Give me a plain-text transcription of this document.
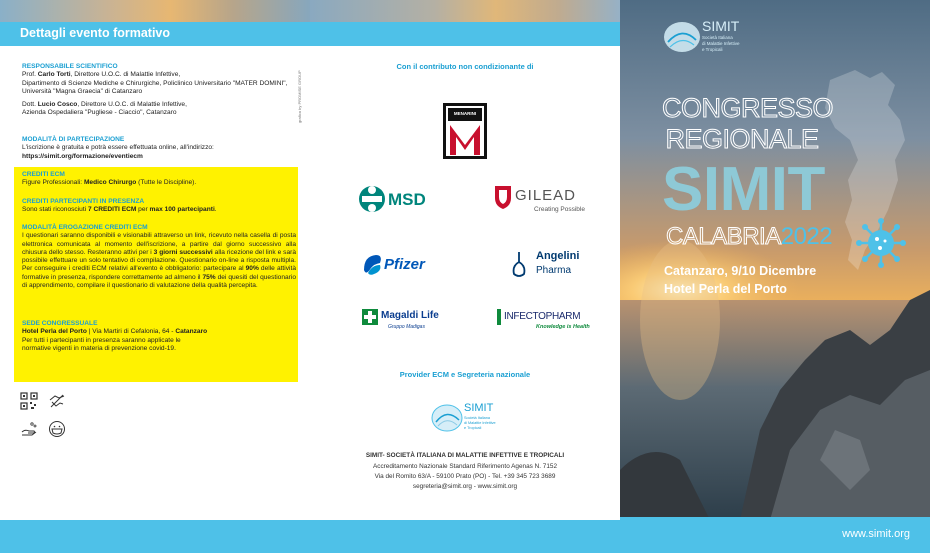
Dettagli evento formativo
grafica by PROMISE GROUP
RESPONSABILE SCIENTIFICO
Prof. Carlo Torti, Direttore U.O.C. di Malattie Infettive,
Dipartimento di Scienze Mediche e Chirurgiche, Policlinico Universitario "MATER DOMINI",
Università "Magna Graecia" di Catanzaro
Dott. Lucio Cosco, Direttore U.O.C. di Malattie Infettive,
Azienda Ospedaliera "Pugliese - Ciaccio", Catanzaro
MODALITÀ DI PARTECIPAZIONE
L'iscrizione è gratuita e potrà essere effettuata online, all'indirizzo:
https://simit.org/formazione/eventiecm
CREDITI ECM
Figure Professionali: Medico Chirurgo (Tutte le Discipline).
CREDITI PARTECIPANTI IN PRESENZA
Sono stati riconosciuti 7 CREDITI ECM per max 100 partecipanti.
MODALITÀ EROGAZIONE CREDITI ECM
I questionari saranno disponibili e visionabili attraverso un link, ricevuto nella casella di posta elettronica comunicata al momento dell'iscrizione, a partire dal giorno successivo alla chiusura dello stesso. Resteranno attivi per i 3 giorni successivi alla ricezione del link e sarà possibile effettuare un solo tentativo di compilazione. Questionario on-line a risposta multipla. Per conseguire i crediti ECM relativi all'evento è obbligatorio: partecipare al 90% delle attività formative in presenza, rispondere correttamente ad almeno il 75% dei quesiti del questionario di apprendimento, compilare il questionario di valutazione della qualità percepita.
SEDE CONGRESSUALE
Hotel Perla del Porto | Via Martiri di Cefalonia, 64 - Catanzaro
Per tutti i partecipanti in presenza saranno applicate le
normative vigenti in materia di prevenzione covid-19.
Con il contributo non condizionante di
MENARINI
MSD	GILEAD
Creating Possible
Pfizer	Angelini
Pharma
Magaldi Life
Gruppo Madigas
INFECTOPHARM
Knowledge is Health
Provider ECM e Segreteria nazionale
SIMIT
Società Italiana
di Malattie Infettive
e Tropicali
SIMIT- SOCIETÀ ITALIANA DI MALATTIE INFETTIVE E TROPICALI
Accreditamento Nazionale Standard Riferimento Agenas N. 7152
Via del Romito 63/A - 59100 Prato (PO) - Tel. +39 345 723 3689
segreteria@simit.org - www.simit.org
SIMIT
Società Italiana
di Malattie Infettive
e Tropicali
CONGRESSO
REGIONALE
SIMIT
CALABRIA2022
Catanzaro, 9/10 Dicembre
Hotel Perla del Porto
www.simit.org
